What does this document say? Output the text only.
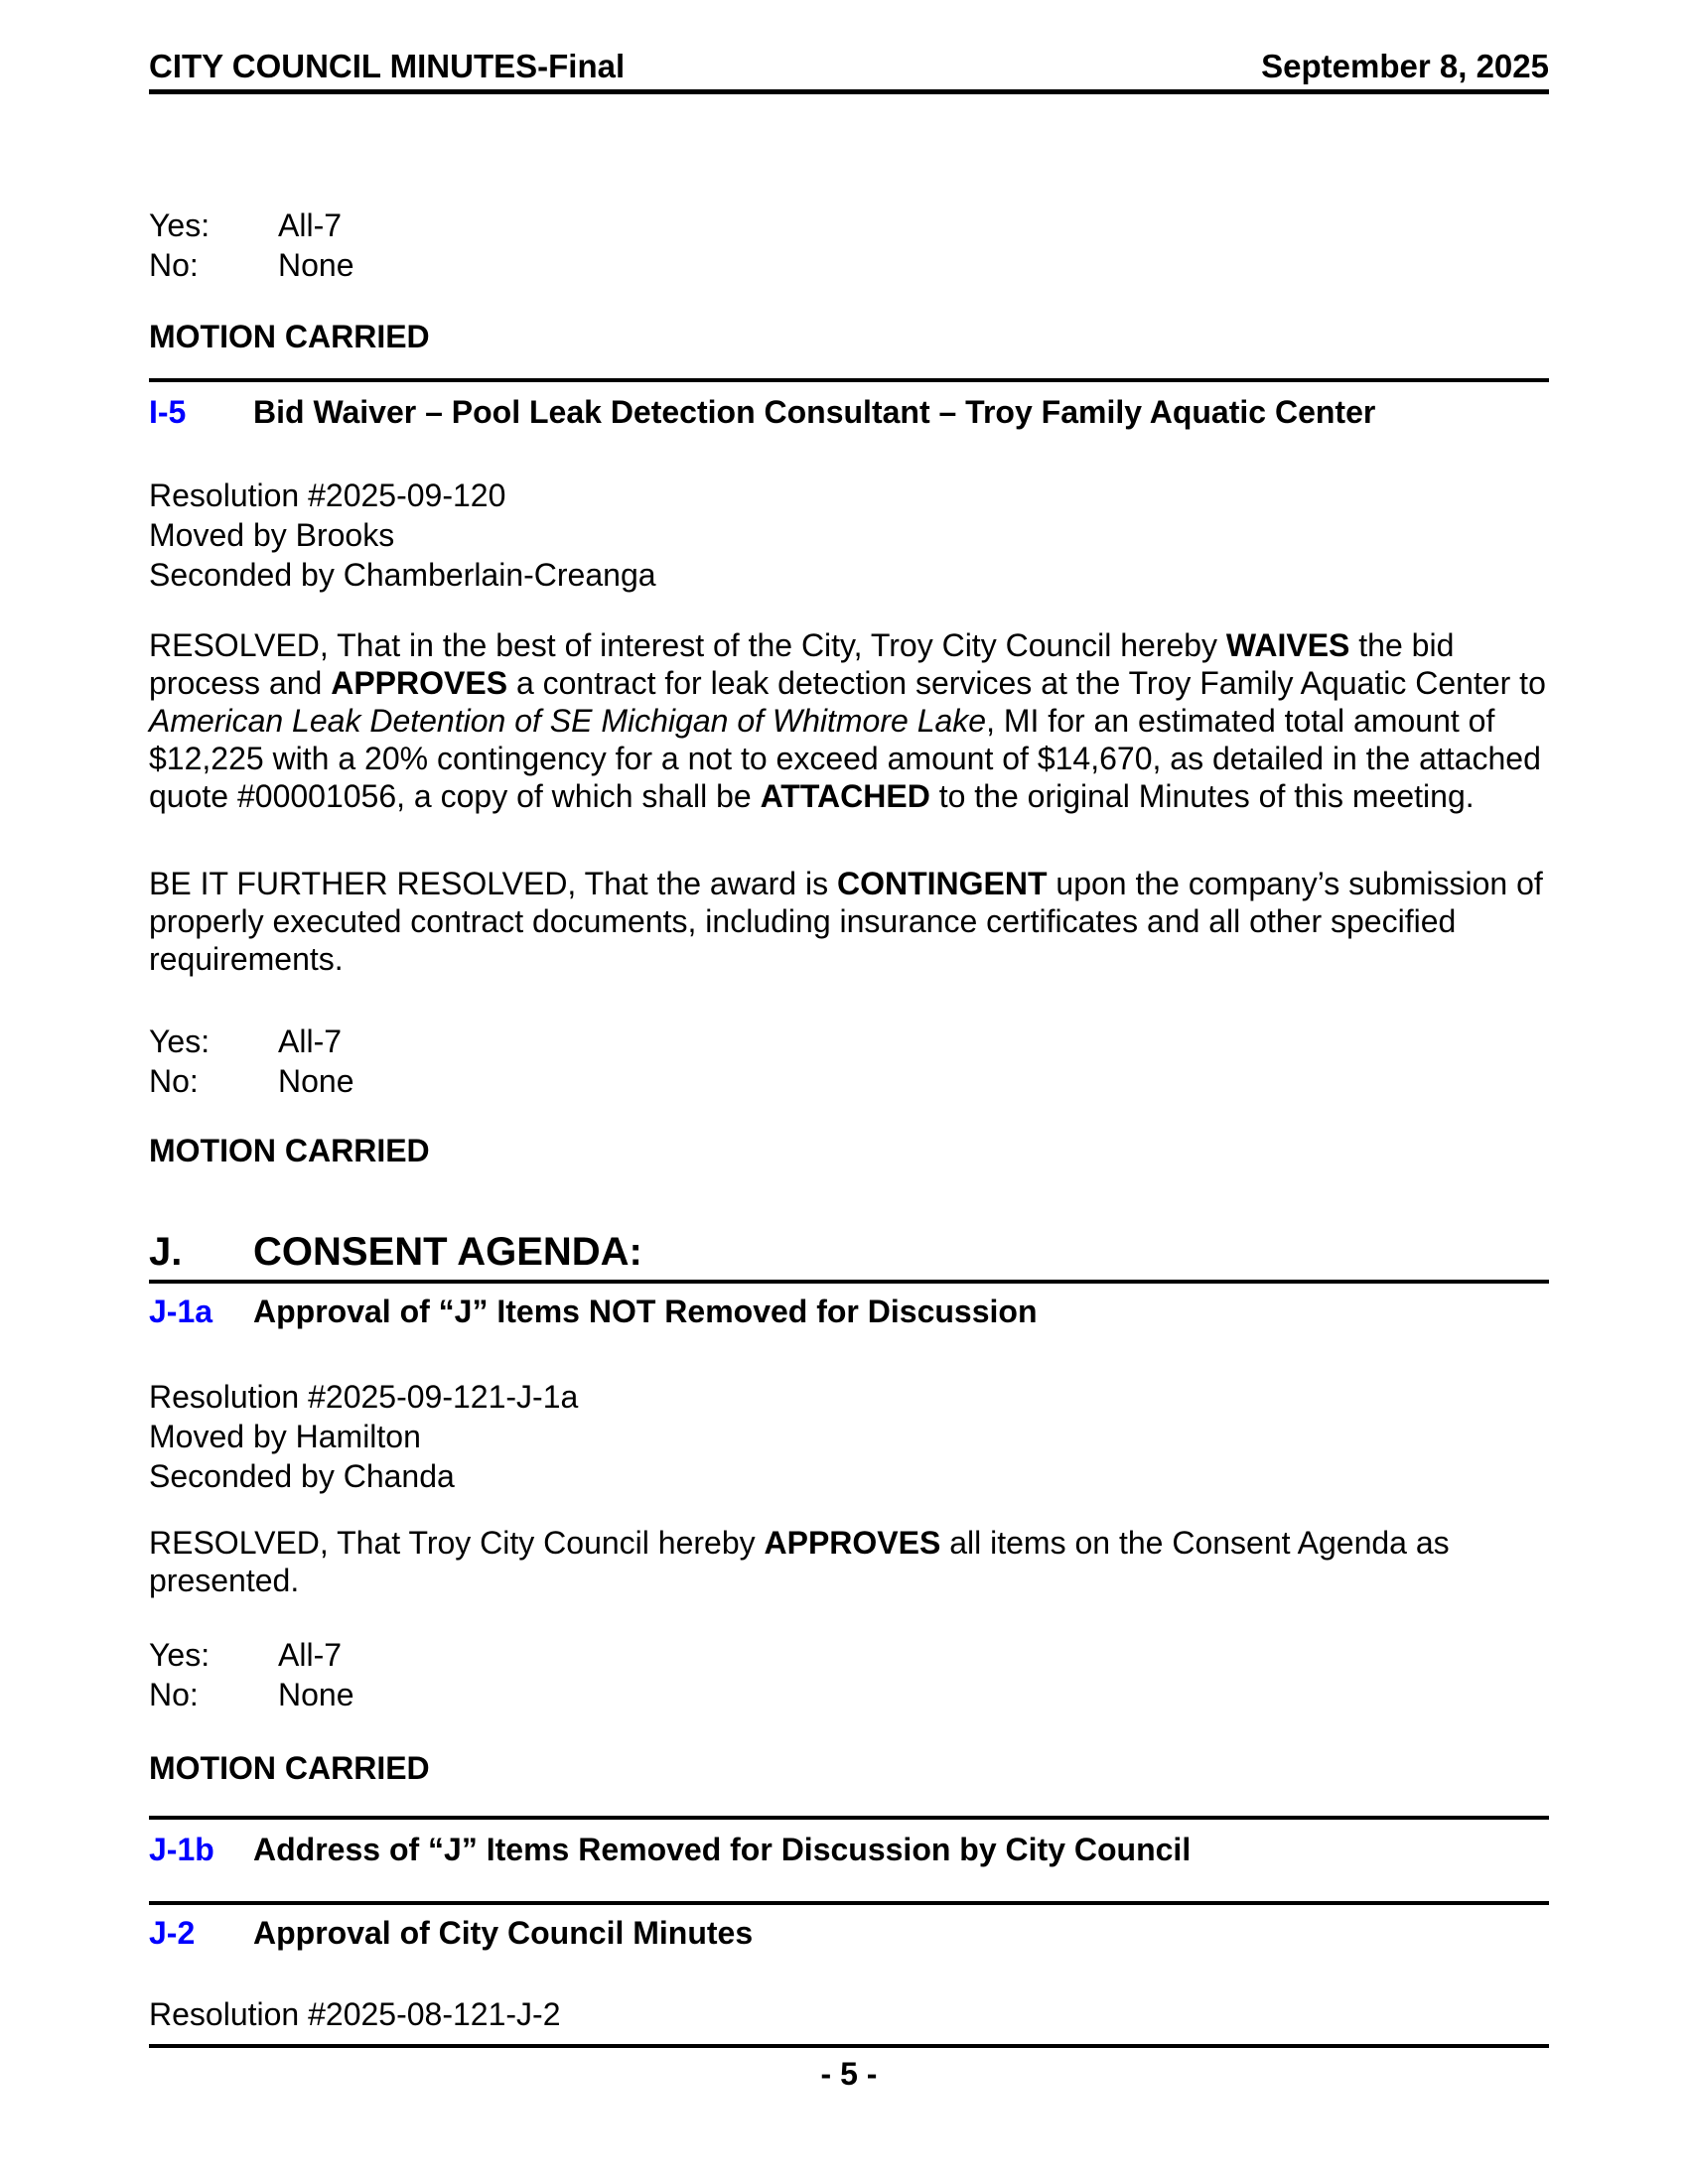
CITY COUNCIL MINUTES-Final	September 8, 2025
Yes:	All-7
No:	None

MOTION CARRIED

I-5	Bid Waiver – Pool Leak Detection Consultant – Troy Family Aquatic Center
Resolution #2025-09-120
Moved by Brooks
Seconded by Chamberlain-Creanga

RESOLVED, That in the best of interest of the City, Troy City Council hereby WAIVES the bid process and APPROVES a contract for leak detection services at the Troy Family Aquatic Center to American Leak Detention of SE Michigan of Whitmore Lake, MI for an estimated total amount of $12,225 with a 20% contingency for a not to exceed amount of $14,670, as detailed in the attached quote #00001056, a copy of which shall be ATTACHED to the original Minutes of this meeting.

BE IT FURTHER RESOLVED, That the award is CONTINGENT upon the company’s submission of properly executed contract documents, including insurance certificates and all other specified requirements.

Yes:	All-7
No:	None

MOTION CARRIED

J.	CONSENT AGENDA:
J-1a	Approval of “J” Items NOT Removed for Discussion
Resolution #2025-09-121-J-1a
Moved by Hamilton
Seconded by Chanda

RESOLVED, That Troy City Council hereby APPROVES all items on the Consent Agenda as presented.

Yes:	All-7
No:	None

MOTION CARRIED

J-1b	Address of “J” Items Removed for Discussion by City Council
J-2	Approval of City Council Minutes
Resolution #2025-08-121-J-2
- 5 -
